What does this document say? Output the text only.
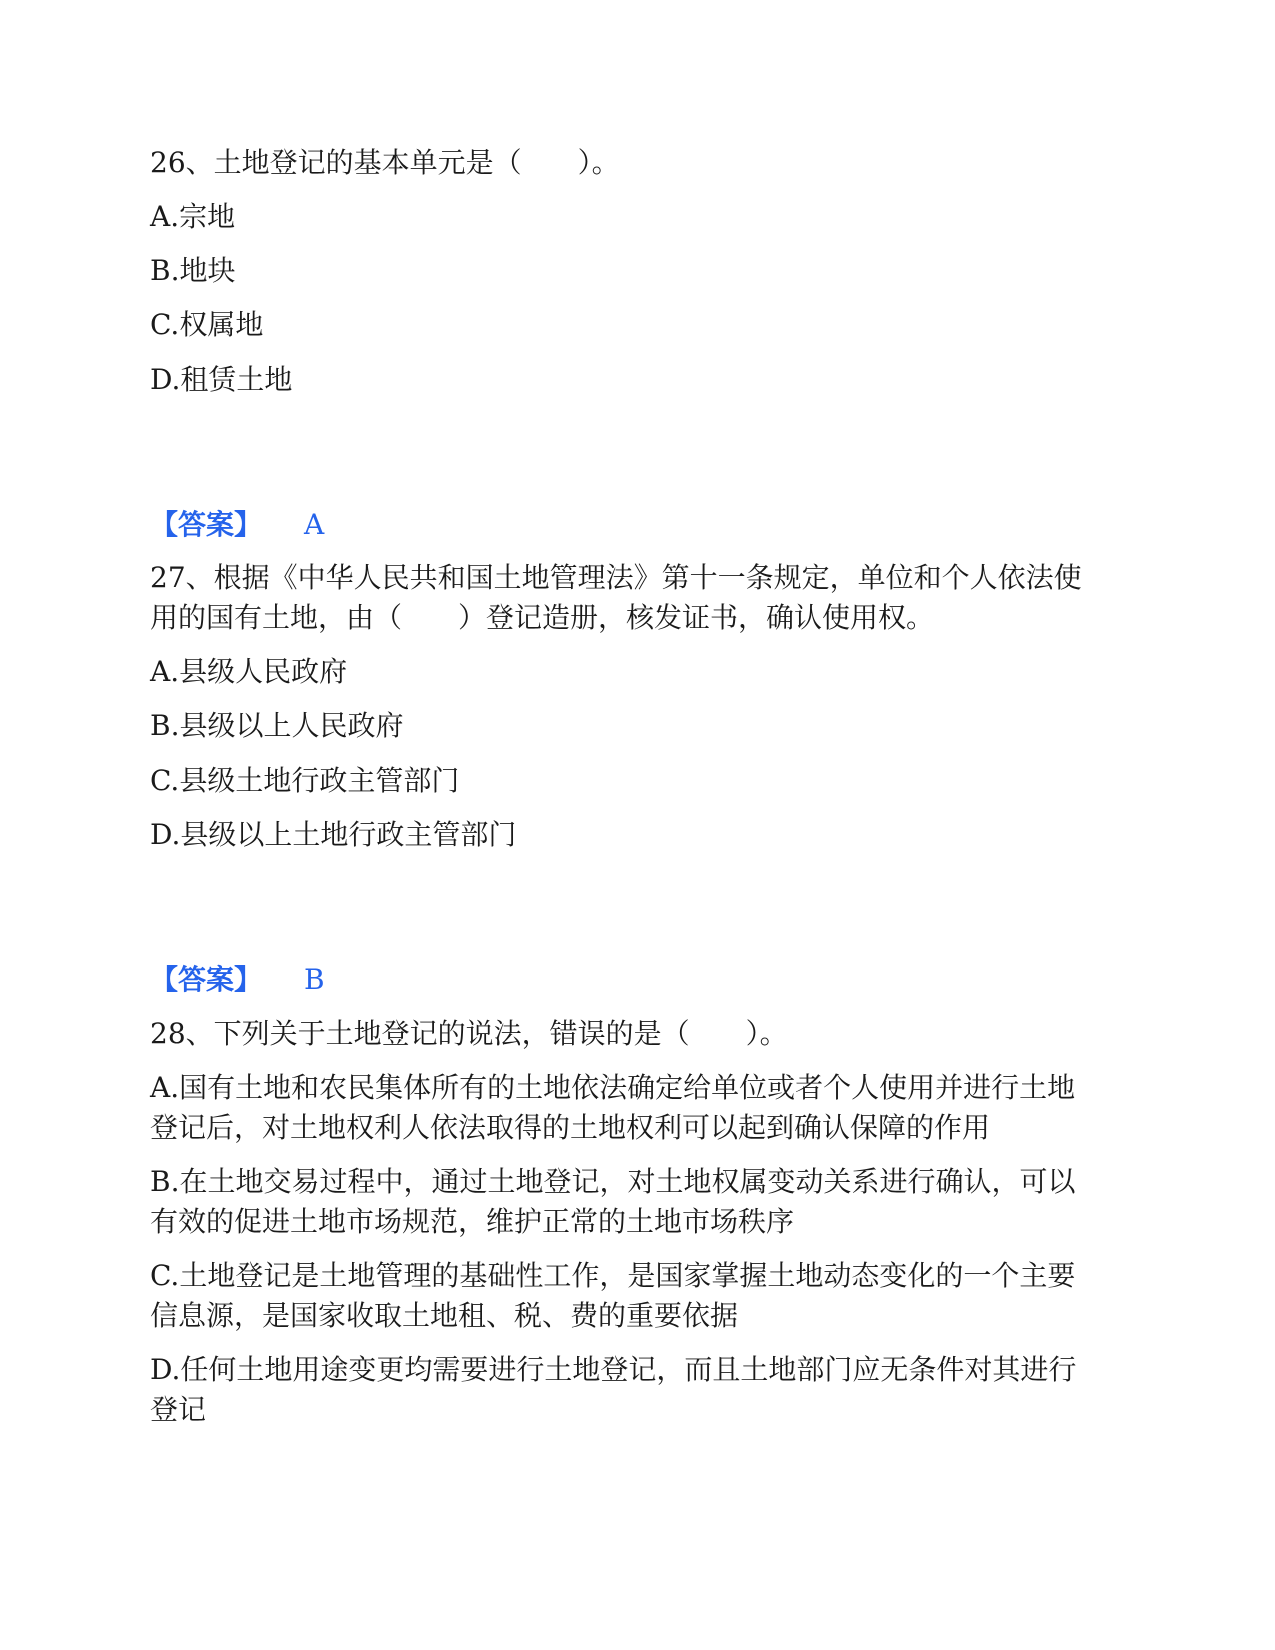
26、土地登记的基本单元是（　　）。

A.宗地

B.地块

C.权属地

D.租赁土地

【答案】 A

27、根据《中华人民共和国土地管理法》第十一条规定，单位和个人依法使

用的国有土地，由（　　）登记造册，核发证书，确认使用权。

A.县级人民政府

B.县级以上人民政府

C.县级土地行政主管部门

D.县级以上土地行政主管部门

【答案】 B

28、下列关于土地登记的说法，错误的是（　　）。

A.国有土地和农民集体所有的土地依法确定给单位或者个人使用并进行土地

登记后，对土地权利人依法取得的土地权利可以起到确认保障的作用

B.在土地交易过程中，通过土地登记，对土地权属变动关系进行确认，可以

有效的促进土地市场规范，维护正常的土地市场秩序

C.土地登记是土地管理的基础性工作，是国家掌握土地动态变化的一个主要

信息源，是国家收取土地租、税、费的重要依据

D.任何土地用途变更均需要进行土地登记，而且土地部门应无条件对其进行

登记
